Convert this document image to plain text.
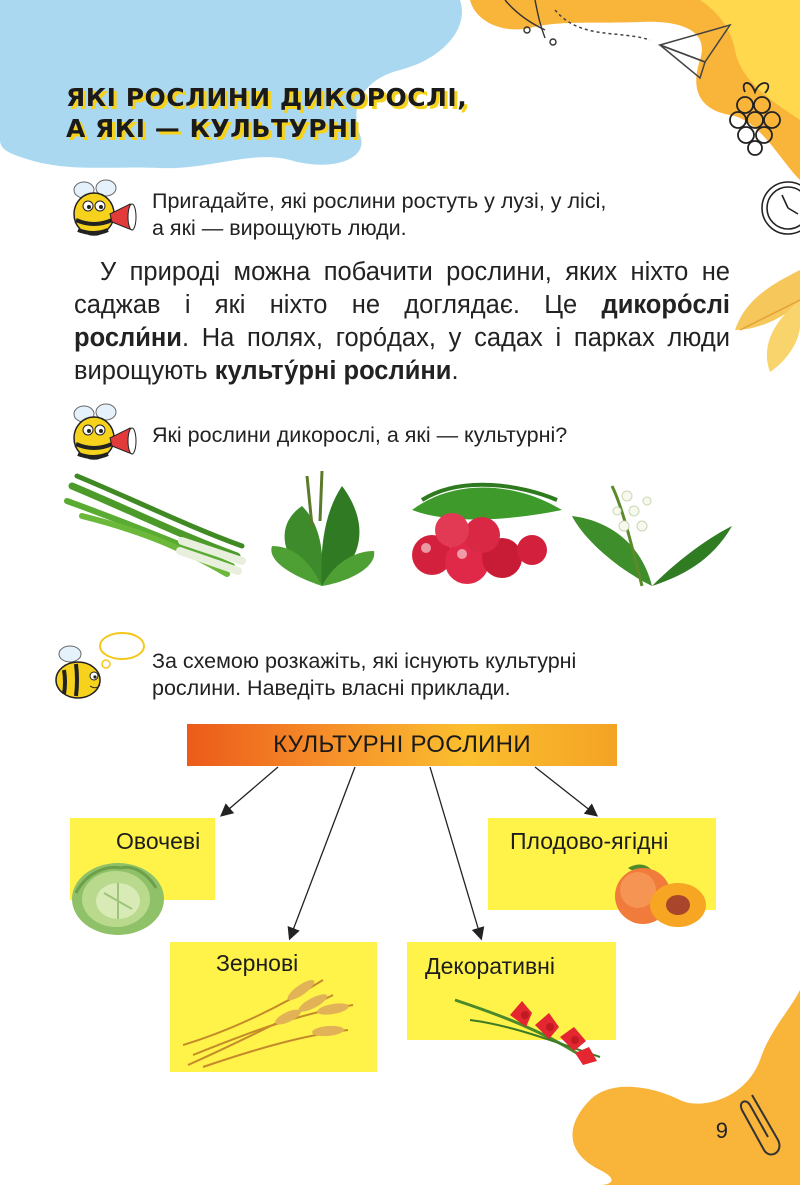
ЯКІ РОСЛИНИ ДИКОРОСЛІ,
А ЯКІ — КУЛЬТУРНІ
Пригадайте, які рослини ростуть у лузі, у лісі,
а які — вирощують люди.
У природі можна побачити рослини, яких ніхто не саджав і які ніхто не доглядає. Це дикоро́слі росли́ни. На полях, горо́дах, у садах і парках люди вирощують культу́рні росли́ни.
Які рослини дикорослі, а які — культурні?
За схемою розкажіть, які існують культурні
рослини. Наведіть власні приклади.
КУЛЬТУРНІ РОСЛИНИ
Овочеві	Плодово-ягідні
Зернові	Декоративні
9
